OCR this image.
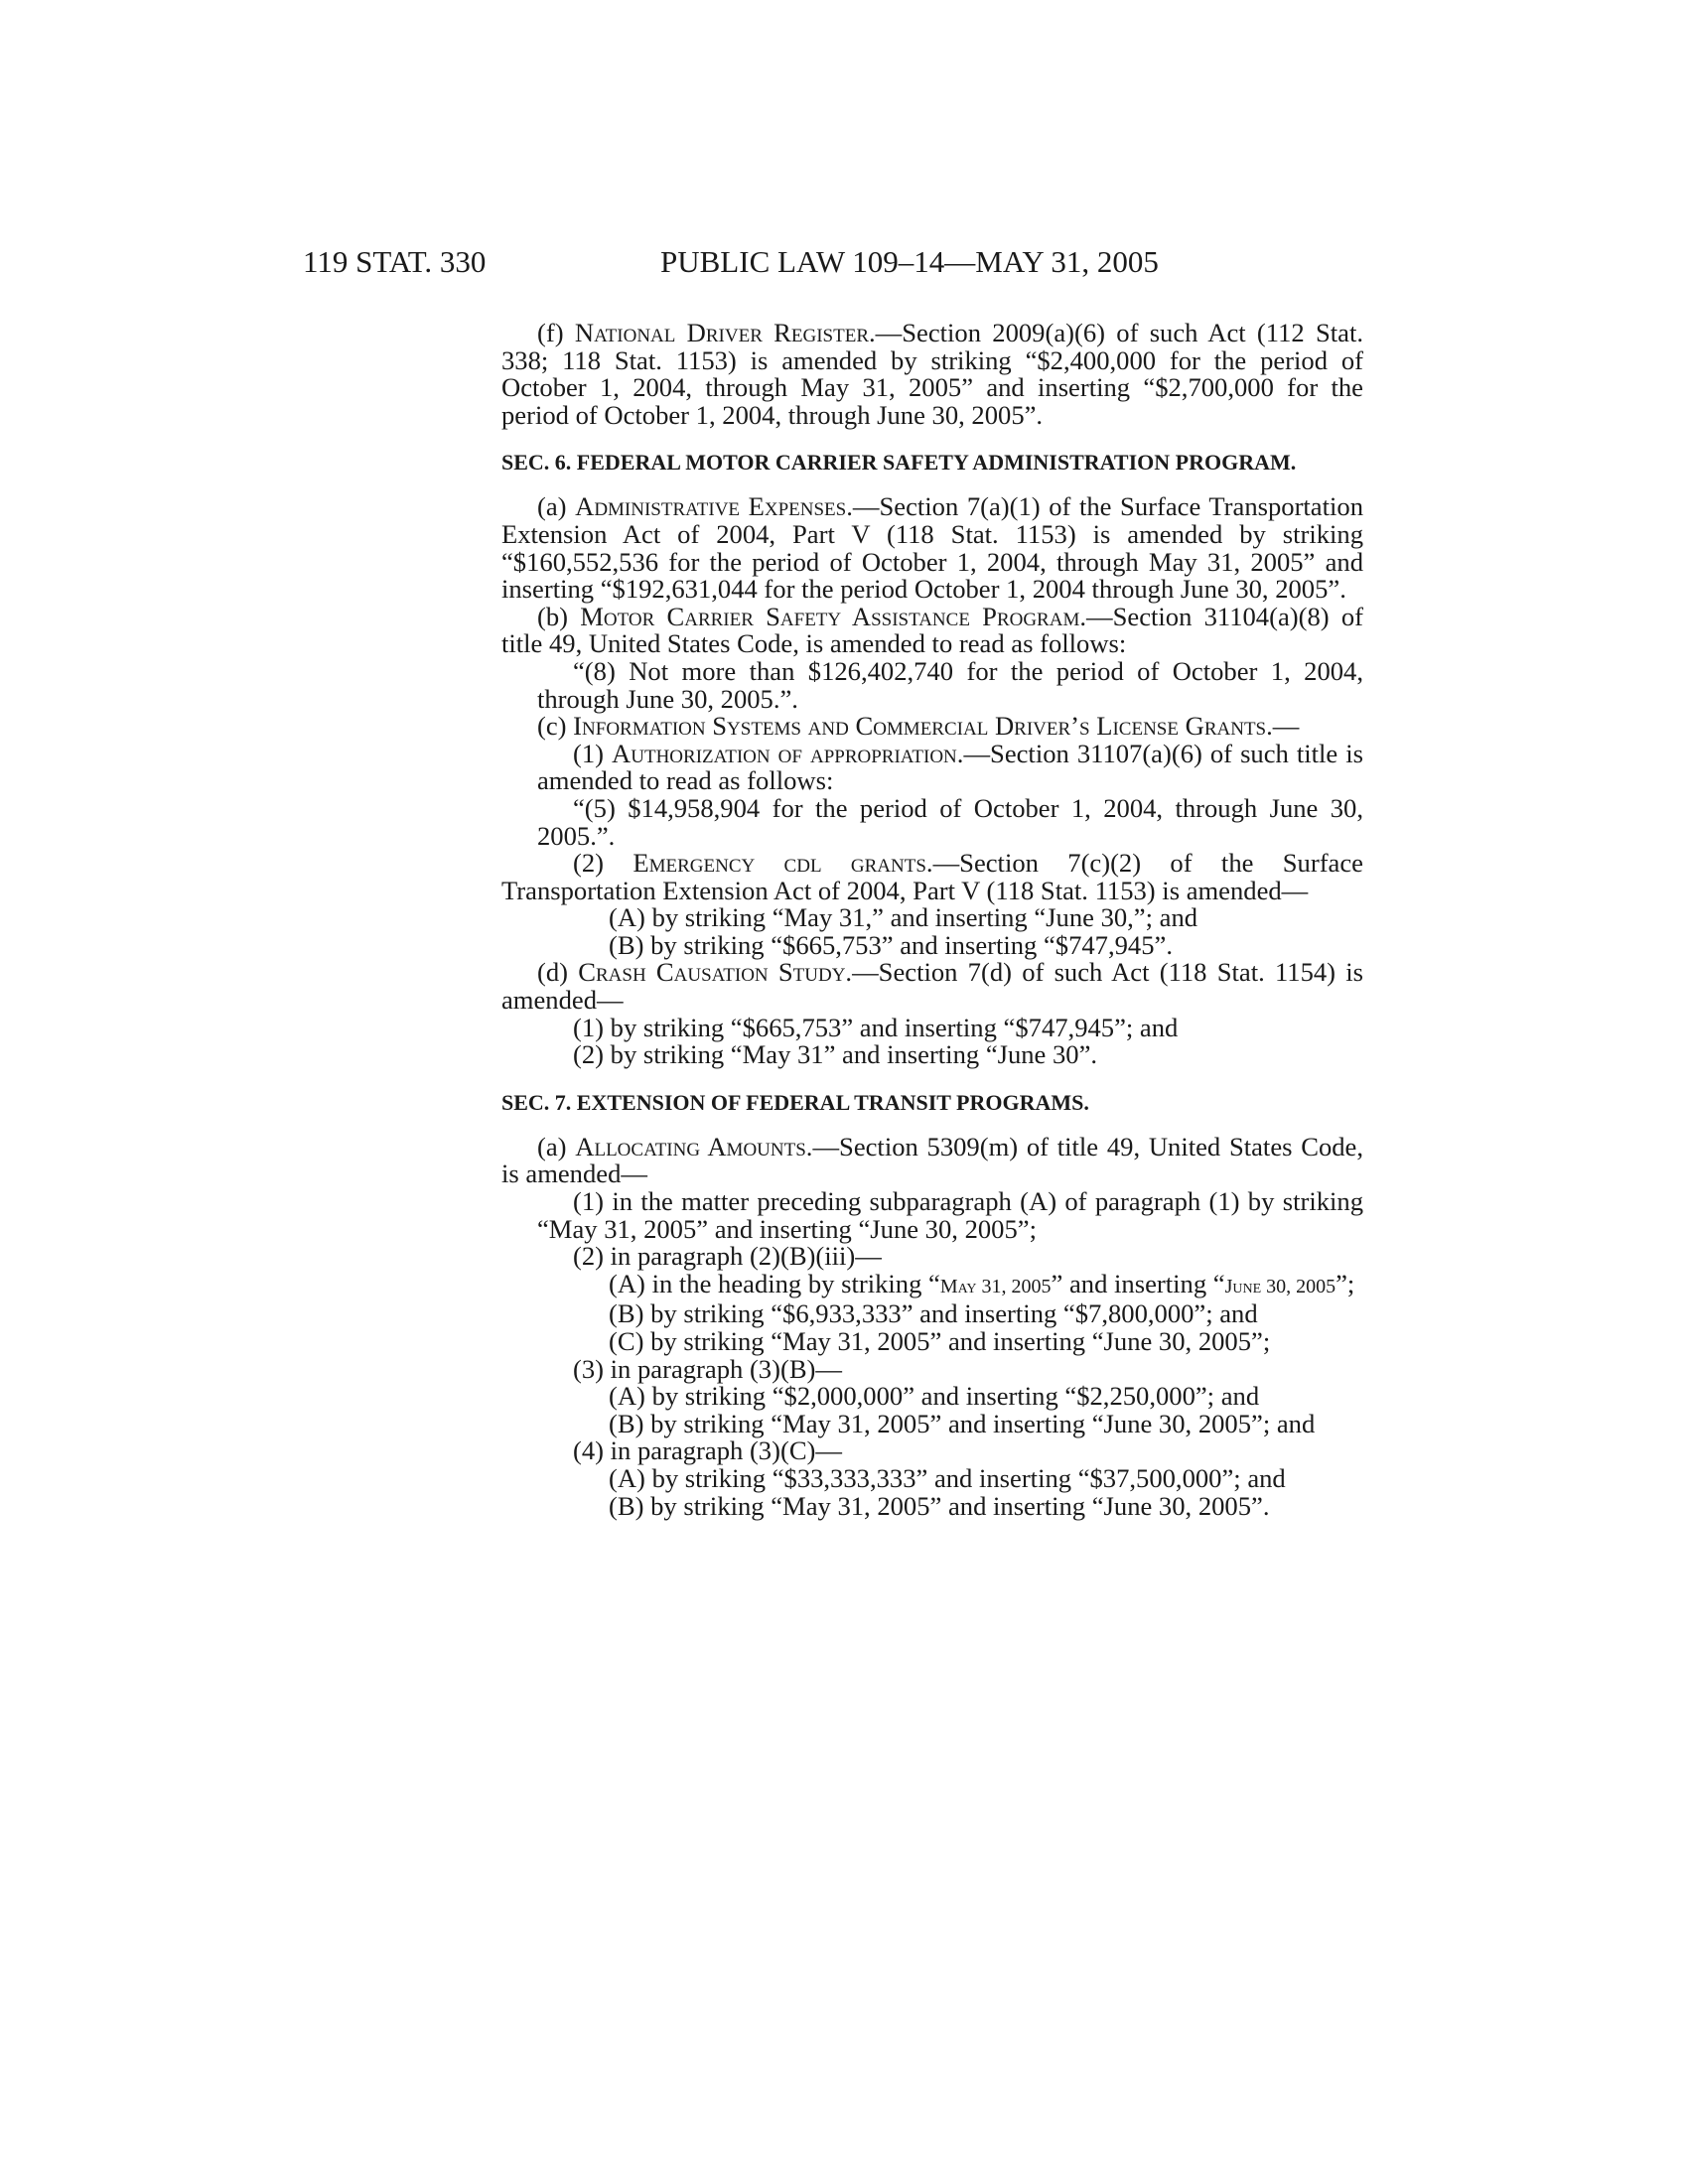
119 STAT. 330	PUBLIC LAW 109–14—MAY 31, 2005

(f) National Driver Register.—Section 2009(a)(6) of such Act (112 Stat. 338; 118 Stat. 1153) is amended by striking “$2,400,000 for the period of October 1, 2004, through May 31, 2005” and inserting “$2,700,000 for the period of October 1, 2004, through June 30, 2005”.

SEC. 6. FEDERAL MOTOR CARRIER SAFETY ADMINISTRATION PROGRAM.

(a) Administrative Expenses.—Section 7(a)(1) of the Surface Transportation Extension Act of 2004, Part V (118 Stat. 1153) is amended by striking “$160,552,536 for the period of October 1, 2004, through May 31, 2005” and inserting “$192,631,044 for the period October 1, 2004 through June 30, 2005”.

(b) Motor Carrier Safety Assistance Program.—Section 31104(a)(8) of title 49, United States Code, is amended to read as follows:

“(8) Not more than $126,402,740 for the period of October 1, 2004, through June 30, 2005.”.

(c) Information Systems and Commercial Driver’s License Grants.—

(1) Authorization of appropriation.—Section 31107(a)(6) of such title is amended to read as follows:

“(5) $14,958,904 for the period of October 1, 2004, through June 30, 2005.”.

(2) Emergency cdl grants.—Section 7(c)(2) of the Surface Transportation Extension Act of 2004, Part V (118 Stat. 1153) is amended—

(A) by striking “May 31,” and inserting “June 30,”; and

(B) by striking “$665,753” and inserting “$747,945”.

(d) Crash Causation Study.—Section 7(d) of such Act (118 Stat. 1154) is amended—

(1) by striking “$665,753” and inserting “$747,945”; and

(2) by striking “May 31” and inserting “June 30”.

SEC. 7. EXTENSION OF FEDERAL TRANSIT PROGRAMS.

(a) Allocating Amounts.—Section 5309(m) of title 49, United States Code, is amended—

(1) in the matter preceding subparagraph (A) of paragraph (1) by striking “May 31, 2005” and inserting “June 30, 2005”;

(2) in paragraph (2)(B)(iii)—

(A) in the heading by striking “May 31, 2005” and inserting “June 30, 2005”;

(B) by striking “$6,933,333” and inserting “$7,800,000”; and

(C) by striking “May 31, 2005” and inserting “June 30, 2005”;

(3) in paragraph (3)(B)—

(A) by striking “$2,000,000” and inserting “$2,250,000”; and

(B) by striking “May 31, 2005” and inserting “June 30, 2005”; and

(4) in paragraph (3)(C)—

(A) by striking “$33,333,333” and inserting “$37,500,000”; and

(B) by striking “May 31, 2005” and inserting “June 30, 2005”.
